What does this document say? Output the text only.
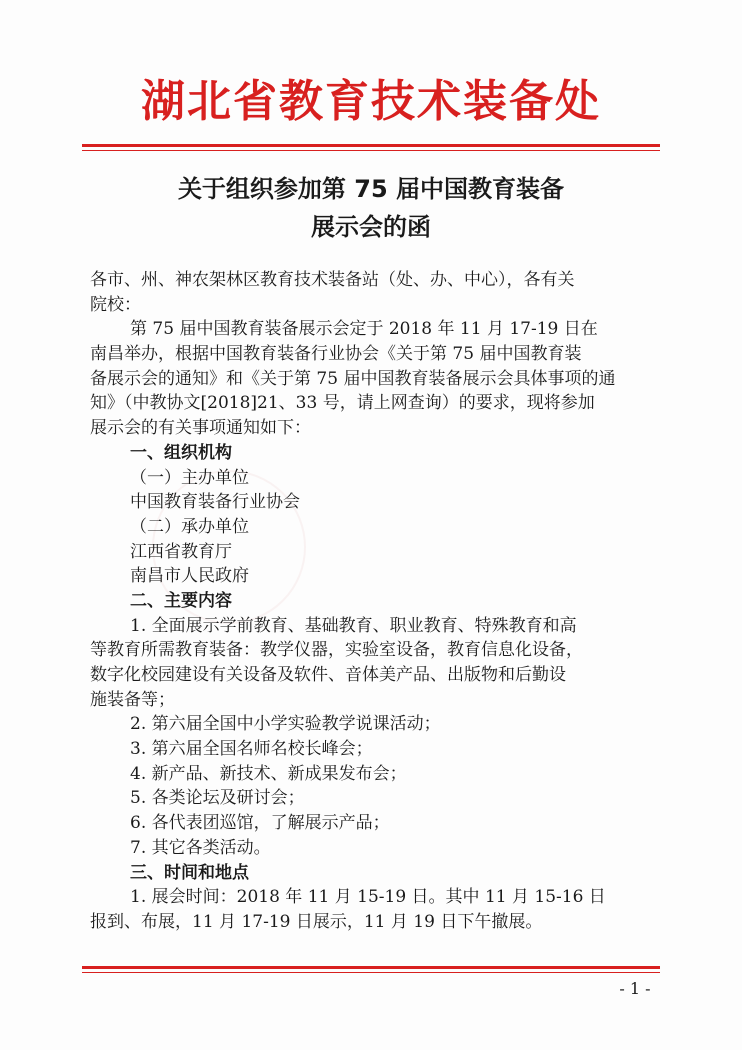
湖北省教育技术装备处
关于组织参加第 75 届中国教育装备
展示会的函
各市、州、神农架林区教育技术装备站（处、办、中心），各有关
院校：
第 75 届中国教育装备展示会定于 2018 年 11 月 17-19 日在
南昌举办，根据中国教育装备行业协会《关于第 75 届中国教育装
备展示会的通知》和《关于第 75 届中国教育装备展示会具体事项的通
知》（中教协文[2018]21、33 号，请上网查询）的要求，现将参加
展示会的有关事项通知如下：
一、组织机构
（一）主办单位
中国教育装备行业协会
（二）承办单位
江西省教育厅
南昌市人民政府
二、主要内容
1. 全面展示学前教育、基础教育、职业教育、特殊教育和高
等教育所需教育装备：教学仪器，实验室设备，教育信息化设备，
数字化校园建设有关设备及软件、音体美产品、出版物和后勤设
施装备等；
2. 第六届全国中小学实验教学说课活动；
3. 第六届全国名师名校长峰会；
4. 新产品、新技术、新成果发布会；
5. 各类论坛及研讨会；
6. 各代表团巡馆，了解展示产品；
7. 其它各类活动。
三、时间和地点
1. 展会时间：2018 年 11 月 15-19 日。其中 11 月 15-16 日
报到、布展，11 月 17-19 日展示，11 月 19 日下午撤展。
- 1 -
